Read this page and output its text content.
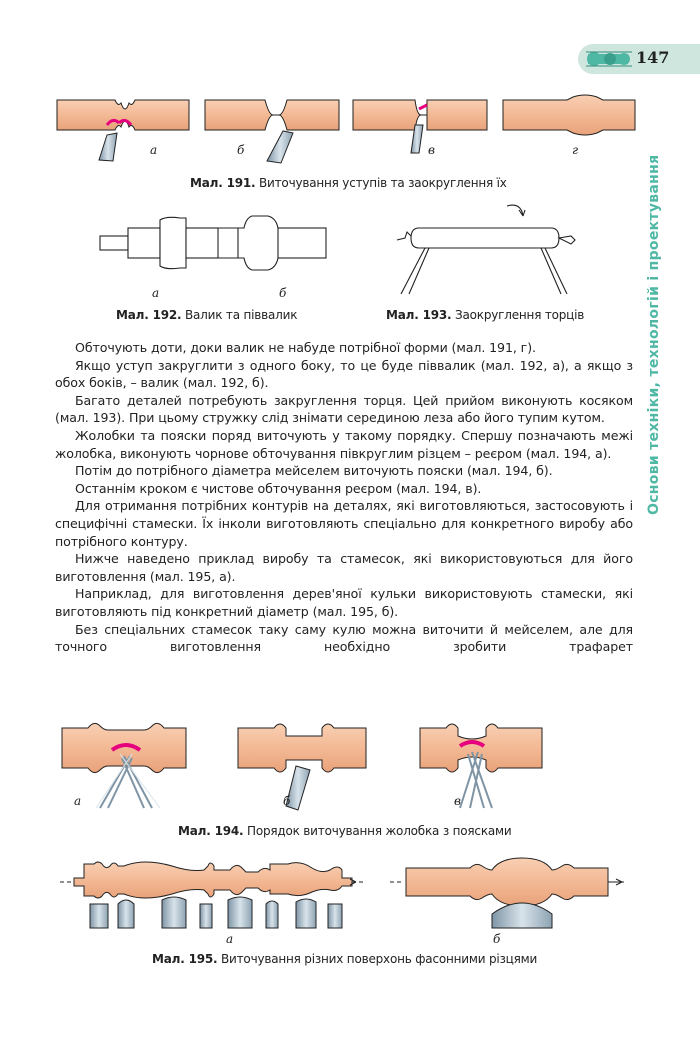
147
Основи техніки, технологій і проектування
а	б	в	г
Мал. 191. Виточування уступів та заокруглення їх
а	б
Мал. 192. Валик та піввалик	Мал. 193. Заокруглення торців

Обточують доти, доки валик не набуде потрібної форми (мал. 191, г).

Якщо уступ закруглити з одного боку, то це буде піввалик (мал. 192, а), а якщо з обох боків, – валик (мал. 192, б).

Багато деталей потребують закруглення торця. Цей прийом виконують косяком (мал. 193). При цьому стружку слід знімати серединою леза або його тупим кутом.

Жолобки та пояски поряд виточують у такому порядку. Спершу позначають межі жолобка, виконують чорнове обточування півкруглим різцем – реєром (мал. 194, а).

Потім до потрібного діаметра мейселем виточують пояски (мал. 194, б).

Останнім кроком є чистове обточування реєром (мал. 194, в).

Для отримання потрібних контурів на деталях, які виготовляються, застосовують і специфічні стамески. Їх інколи виготовляють спеціально для конкретного виробу або потрібного контуру.

Нижче наведено приклад виробу та стамесок, які використовуються для його виготовлення (мал. 195, а).

Наприклад, для виготовлення дерев'яної кульки використовують стамески, які виготовляють під конкретний діаметр (мал. 195, б).

Без спеціальних стамесок таку саму кулю можна виточити й мейселем, але для точного виготовлення необхідно зробити трафарет

а	б	в
Мал. 194. Порядок виточування жолобка з поясками
а	б
Мал. 195. Виточування різних поверхонь фасонними різцями
